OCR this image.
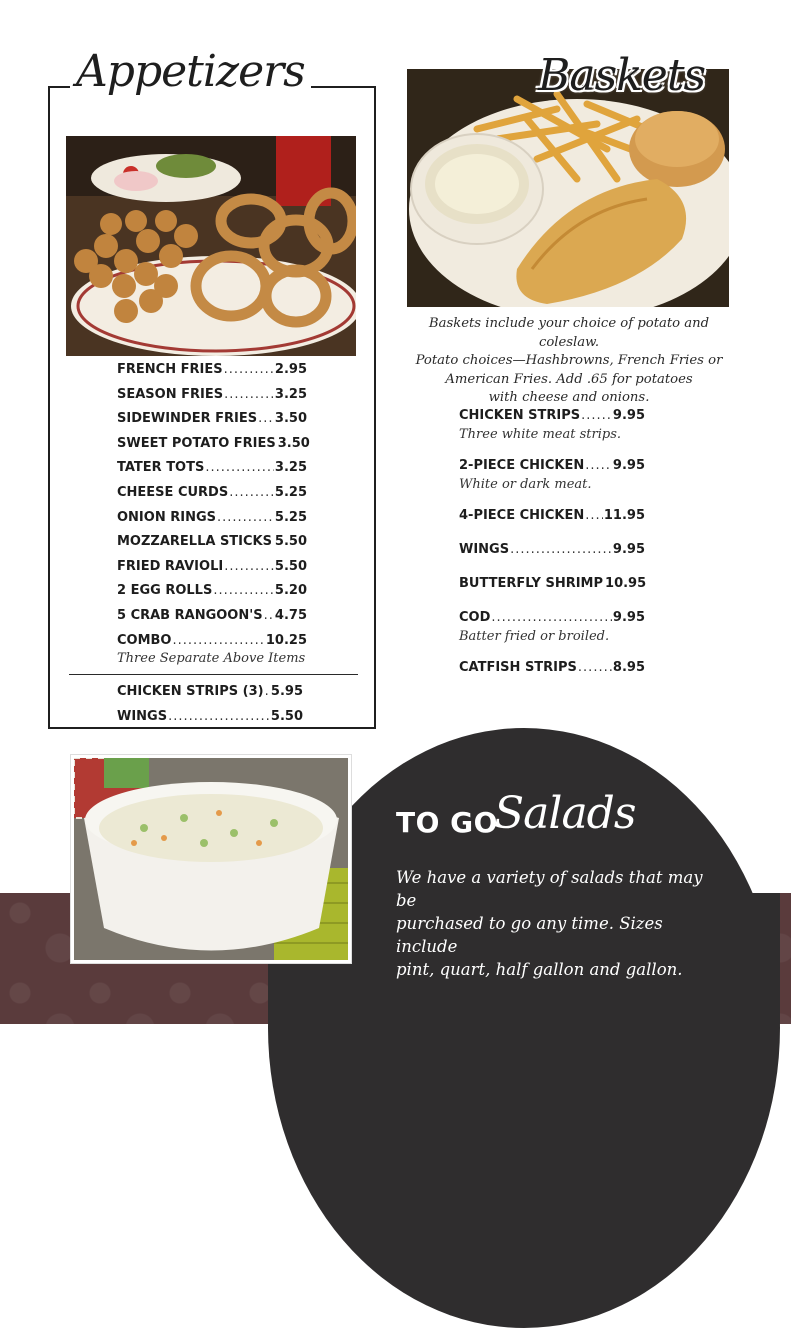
Appetizers
FRENCH FRIES .....	2.95
SEASON FRIES .....	3.25
SIDEWINDER FRIES ..... 3.50
SWEET POTATO FRIES 3.50
TATER TOTS .....	3.25
CHEESE CURDS .....	5.25
ONION RINGS .....	5.25
MOZZARELLA STICKS ..... 5.50
FRIED RAVIOLI .....	5.50
2 EGG ROLLS .....	5.20
5 CRAB RANGOON'S ..... 4.75
COMBO .....	10.25
Three Separate Above Items
CHICKEN STRIPS (3) ..... 5.95
WINGS .....	5.50
Baskets
Baskets include your choice of potato and coleslaw.
Potato choices—Hashbrowns, French Fries or
American Fries. Add .65 for potatoes
with cheese and onions.
CHICKEN STRIPS .....	9.95
Three white meat strips.
2-PIECE CHICKEN ..... 9.95
White or dark meat.
4-PIECE CHICKEN ..... 11.95
WINGS .....	9.95
BUTTERFLY SHRIMP 10.95
COD .....	9.95
Batter fried or broiled.
CATFISH STRIPS .....	8.95
TO GO
Salads
We have a variety of salads that may be
purchased to go any time. Sizes include
pint, quart, half gallon and gallon.
